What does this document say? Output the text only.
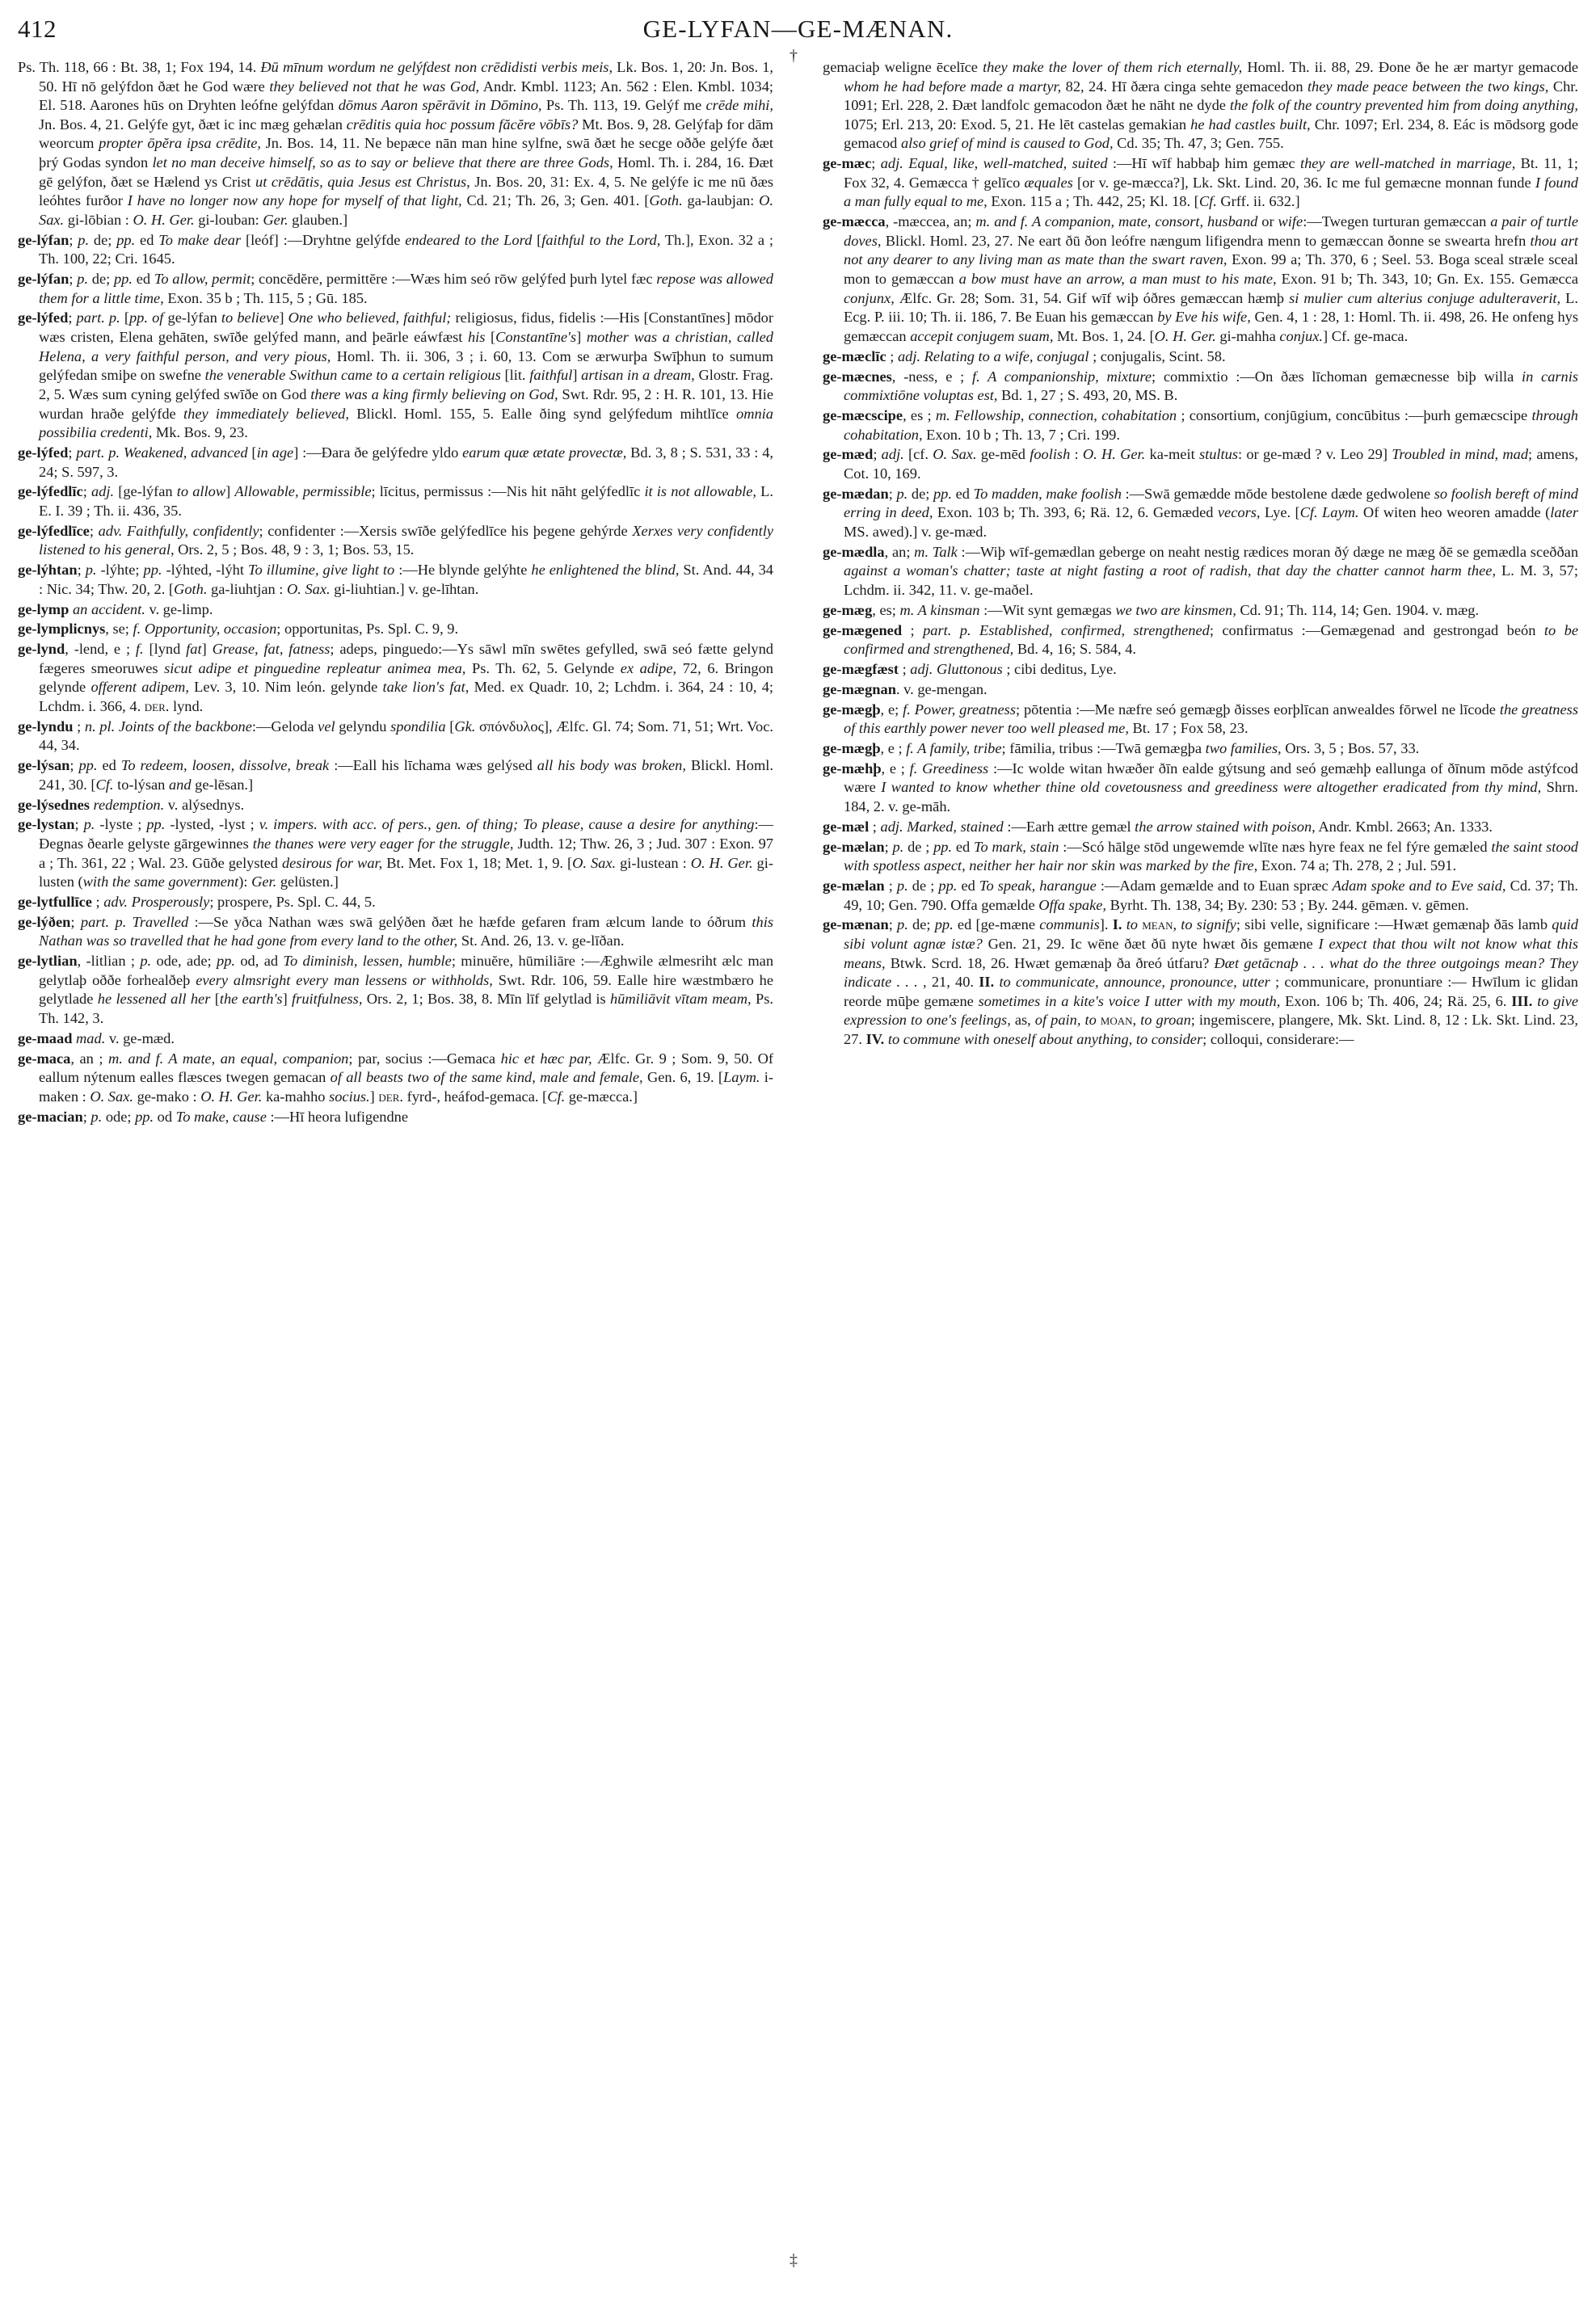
412	GE-LYFAN—GE-MÆNAN.
†
‡

Ps. Th. 118, 66 : Bt. 38, 1; Fox 194, 14. Ðū mīnum wordum ne gelýfdest non crēdidisti verbis meis, Lk. Bos. 1, 20: Jn. Bos. 1, 50. Hī nō gelýfdon ðæt he God wære they believed not that he was God, Andr. Kmbl. 1123; An. 562 : Elen. Kmbl. 1034; El. 518. Aarones hūs on Dryhten leófne gelýfdan dōmus Aaron spērāvit in Dōmino, Ps. Th. 113, 19. Gelýf me crēde mihi, Jn. Bos. 4, 21. Gelýfe gyt, ðæt ic inc mæg gehælan crēditis quia hoc possum făcĕre vōbīs? Mt. Bos. 9, 28. Gelýfaþ for dām weorcum propter ōpĕra ipsa crēdite, Jn. Bos. 14, 11. Ne bepæce nān man hine sylfne, swā ðæt he secge oððe gelýfe ðæt þrý Godas syndon let no man deceive himself, so as to say or believe that there are three Gods, Homl. Th. i. 284, 16. Ðæt gē gelýfon, ðæt se Hælend ys Crist ut crēdātis, quia Jesus est Christus, Jn. Bos. 20, 31: Ex. 4, 5. Ne gelýfe ic me nū ðæs leóhtes furðor I have no longer now any hope for myself of that light, Cd. 21; Th. 26, 3; Gen. 401. [Goth. ga-laubjan: O. Sax. gi-lōbian : O. H. Ger. gi-louban: Ger. glauben.]

ge-lýfan; p. de; pp. ed To make dear [leóf] :—Dryhtne gelýfde endeared to the Lord [faithful to the Lord, Th.], Exon. 32 a ; Th. 100, 22; Cri. 1645.

ge-lýfan; p. de; pp. ed To allow, permit; concēdĕre, permittĕre :—Wæs him seó rōw gelýfed þurh lytel fæc repose was allowed them for a little time, Exon. 35 b ; Th. 115, 5 ; Gū. 185.

ge-lýfed; part. p. [pp. of ge-lýfan to believe] One who believed, faithful; religiosus, fidus, fidelis :—His [Constantīnes] mōdor wæs cristen, Elena gehāten, swīðe gelýfed mann, and þeārle eáwfæst his [Constantīne's] mother was a christian, called Helena, a very faithful person, and very pious, Homl. Th. ii. 306, 3 ; i. 60, 13. Com se ærwurþa Swīþhun to sumum gelýfedan smiþe on swefne the venerable Swithun came to a certain religious [lit. faithful] artisan in a dream, Glostr. Frag. 2, 5. Wæs sum cyning gelýfed swīðe on God there was a king firmly believing on God, Swt. Rdr. 95, 2 : H. R. 101, 13. Hie wurdan hraðe gelýfde they immediately believed, Blickl. Homl. 155, 5. Ealle ðing synd gelýfedum mihtlīce omnia possibilia credenti, Mk. Bos. 9, 23.

ge-lýfed; part. p. Weakened, advanced [in age] :—Ðara ðe gelýfedre yldo earum quæ ætate provectæ, Bd. 3, 8 ; S. 531, 33 : 4, 24; S. 597, 3.

ge-lýfedlīc; adj. [ge-lýfan to allow] Allowable, permissible; līcitus, permissus :—Nis hit nāht gelýfedlīc it is not allowable, L. E. I. 39 ; Th. ii. 436, 35.

ge-lýfedlīce; adv. Faithfully, confidently; confidenter :—Xersis swīðe gelýfedlīce his þegene gehýrde Xerxes very confidently listened to his general, Ors. 2, 5 ; Bos. 48, 9 : 3, 1; Bos. 53, 15.

ge-lýhtan; p. -lýhte; pp. -lýhted, -lýht To illumine, give light to :—He blynde gelýhte he enlightened the blind, St. And. 44, 34 : Nic. 34; Thw. 20, 2. [Goth. ga-liuhtjan : O. Sax. gi-liuhtian.] v. ge-līhtan.

ge-lymp an accident. v. ge-limp.

ge-lymplicnys, se; f. Opportunity, occasion; opportunitas, Ps. Spl. C. 9, 9.

ge-lynd, -lend, e ; f. [lynd fat] Grease, fat, fatness; adeps, pinguedo:—Ys sāwl mīn swētes gefylled, swā seó fætte gelynd fægeres smeoruwes sicut adipe et pinguedine repleatur animea mea, Ps. Th. 62, 5. Gelynde ex adipe, 72, 6. Bringon gelynde offerent adipem, Lev. 3, 10. Nim león. gelynde take lion's fat, Med. ex Quadr. 10, 2; Lchdm. i. 364, 24 : 10, 4; Lchdm. i. 366, 4. der. lynd.

ge-lyndu ; n. pl. Joints of the backbone:—Geloda vel gelyndu spondilia [Gk. σπόνδυλος], Ælfc. Gl. 74; Som. 71, 51; Wrt. Voc. 44, 34.

ge-lýsan; pp. ed To redeem, loosen, dissolve, break :—Eall his līchama wæs gelýsed all his body was broken, Blickl. Homl. 241, 30. [Cf. to-lýsan and ge-lēsan.]

ge-lýsednes redemption. v. alýsednys.

ge-lystan; p. -lyste ; pp. -lysted, -lyst ; v. impers. with acc. of pers., gen. of thing; To please, cause a desire for anything:—Ðegnas ðearle gelyste gārgewinnes the thanes were very eager for the struggle, Judth. 12; Thw. 26, 3 ; Jud. 307 : Exon. 97 a ; Th. 361, 22 ; Wal. 23. Gūðe gelysted desirous for war, Bt. Met. Fox 1, 18; Met. 1, 9. [O. Sax. gi-lustean : O. H. Ger. gi-lusten (with the same government): Ger. gelüsten.]

ge-lytfullīce ; adv. Prosperously; prospere, Ps. Spl. C. 44, 5.

ge-lýðen; part. p. Travelled :—Se yðca Nathan wæs swā gelýðen ðæt he hæfde gefaren fram ælcum lande to óðrum this Nathan was so travelled that he had gone from every land to the other, St. And. 26, 13. v. ge-līðan.

ge-lytlian, -litlian ; p. ode, ade; pp. od, ad To diminish, lessen, humble; minuĕre, hūmiliāre :—Æghwile ælmesriht ælc man gelytlaþ oððe forhealðeþ every almsright every man lessens or withholds, Swt. Rdr. 106, 59. Ealle hire wæstmbæro he gelytlade he lessened all her [the earth's] fruitfulness, Ors. 2, 1; Bos. 38, 8. Mīn līf gelytlad is hūmiliāvit vītam meam, Ps. Th. 142, 3.

ge-maad mad. v. ge-mæd.

ge-maca, an ; m. and f. A mate, an equal, companion; par, socius :—Gemaca hic et hæc par, Ælfc. Gr. 9 ; Som. 9, 50. Of eallum nýtenum ealles flæsces twegen gemacan of all beasts two of the same kind, male and female, Gen. 6, 19. [Laym. i-maken : O. Sax. ge-mako : O. H. Ger. ka-mahho socius.] der. fyrd-, heáfod-gemaca. [Cf. ge-mæcca.]

ge-macian; p. ode; pp. od To make, cause :—Hī heora lufigendne

gemaciaþ weligne ēcelīce they make the lover of them rich eternally, Homl. Th. ii. 88, 29. Ðone ðe he ær martyr gemacode whom he had before made a martyr, 82, 24. Hī ðæra cinga sehte gemacedon they made peace between the two kings, Chr. 1091; Erl. 228, 2. Ðæt landfolc gemacodon ðæt he nāht ne dyde the folk of the country prevented him from doing anything, 1075; Erl. 213, 20: Exod. 5, 21. He lēt castelas gemakian he had castles built, Chr. 1097; Erl. 234, 8. Eác is mōdsorg gode gemacod also grief of mind is caused to God, Cd. 35; Th. 47, 3; Gen. 755.

ge-mæc; adj. Equal, like, well-matched, suited :—Hī wīf habbaþ him gemæc they are well-matched in marriage, Bt. 11, 1; Fox 32, 4. Gemæcca † gelīco æquales [or v. ge-mæcca?], Lk. Skt. Lind. 20, 36. Ic me ful gemæcne monnan funde I found a man fully equal to me, Exon. 115 a ; Th. 442, 25; Kl. 18. [Cf. Grff. ii. 632.]

ge-mæcca, -mæccea, an; m. and f. A companion, mate, consort, husband or wife:—Twegen turturan gemæccan a pair of turtle doves, Blickl. Homl. 23, 27. Ne eart ðū ðon leófre nængum lifigendra menn to gemæccan ðonne se swearta hrefn thou art not any dearer to any living man as mate than the swart raven, Exon. 99 a; Th. 370, 6 ; Seel. 53. Boga sceal stræle sceal mon to gemæccan a bow must have an arrow, a man must to his mate, Exon. 91 b; Th. 343, 10; Gn. Ex. 155. Gemæcca conjunx, Ælfc. Gr. 28; Som. 31, 54. Gif wīf wiþ óðres gemæccan hæmþ si mulier cum alterius conjuge adulteraverit, L. Ecg. P. iii. 10; Th. ii. 186, 7. Be Euan his gemæccan by Eve his wife, Gen. 4, 1 : 28, 1: Homl. Th. ii. 498, 26. He onfeng hys gemæccan accepit conjugem suam, Mt. Bos. 1, 24. [O. H. Ger. gi-mahha conjux.] Cf. ge-maca.

ge-mæclīc ; adj. Relating to a wife, conjugal ; conjugalis, Scint. 58.

ge-mæcnes, -ness, e ; f. A companionship, mixture; commixtio :—On ðæs līchoman gemæcnesse biþ willa in carnis commixtiōne voluptas est, Bd. 1, 27 ; S. 493, 20, MS. B.

ge-mæcscipe, es ; m. Fellowship, connection, cohabitation ; consortium, conjūgium, concūbitus :—þurh gemæcscipe through cohabitation, Exon. 10 b ; Th. 13, 7 ; Cri. 199.

ge-mæd; adj. [cf. O. Sax. ge-mēd foolish : O. H. Ger. ka-meit stultus: or ge-mæd ? v. Leo 29] Troubled in mind, mad; amens, Cot. 10, 169.

ge-mædan; p. de; pp. ed To madden, make foolish :—Swā gemædde mōde bestolene dæde gedwolene so foolish bereft of mind erring in deed, Exon. 103 b; Th. 393, 6; Rä. 12, 6. Gemæded vecors, Lye. [Cf. Laym. Of witen heo weoren amadde (later MS. awed).] v. ge-mæd.

ge-mædla, an; m. Talk :—Wiþ wīf-gemædlan geberge on neaht nestig rædices moran ðý dæge ne mæg ðē se gemædla sceððan against a woman's chatter; taste at night fasting a root of radish, that day the chatter cannot harm thee, L. M. 3, 57; Lchdm. ii. 342, 11. v. ge-maðel.

ge-mæg, es; m. A kinsman :—Wit synt gemægas we two are kinsmen, Cd. 91; Th. 114, 14; Gen. 1904. v. mæg.

ge-mægened ; part. p. Established, confirmed, strengthened; confirmatus :—Gemægenad and gestrongad beón to be confirmed and strengthened, Bd. 4, 16; S. 584, 4.

ge-mægfæst ; adj. Gluttonous ; cibi deditus, Lye.

ge-mægnan. v. ge-mengan.

ge-mægþ, e; f. Power, greatness; pōtentia :—Me næfre seó gemægþ ðisses eorþlīcan anwealdes fōrwel ne līcode the greatness of this earthly power never too well pleased me, Bt. 17 ; Fox 58, 23.

ge-mægþ, e ; f. A family, tribe; fāmilia, tribus :—Twā gemægþa two families, Ors. 3, 5 ; Bos. 57, 33.

ge-mæhþ, e ; f. Greediness :—Ic wolde witan hwæðer ðīn ealde gýtsung and seó gemæhþ eallunga of ðīnum mōde astýfcod wære I wanted to know whether thine old covetousness and greediness were altogether eradicated from thy mind, Shrn. 184, 2. v. ge-māh.

ge-mæl ; adj. Marked, stained :—Earh ættre gemæl the arrow stained with poison, Andr. Kmbl. 2663; An. 1333.

ge-mælan; p. de ; pp. ed To mark, stain :—Scó hālge stōd ungewemde wlīte næs hyre feax ne fel fýre gemæled the saint stood with spotless aspect, neither her hair nor skin was marked by the fire, Exon. 74 a; Th. 278, 2 ; Jul. 591.

ge-mælan ; p. de ; pp. ed To speak, harangue :—Adam gemælde and to Euan spræc Adam spoke and to Eve said, Cd. 37; Th. 49, 10; Gen. 790. Offa gemælde Offa spake, Byrht. Th. 138, 34; By. 230: 53 ; By. 244. gēmæn. v. gēmen.

ge-mænan; p. de; pp. ed [ge-mæne communis]. I. to mean, to signify; sibi velle, significare :—Hwæt gemænaþ ðās lamb quid sibi volunt agnæ istæ? Gen. 21, 29. Ic wēne ðæt ðū nyte hwæt ðis gemæne I expect that thou wilt not know what this means, Btwk. Scrd. 18, 26. Hwæt gemænaþ ða ðreó útfaru? Ðæt getācnaþ . . . what do the three outgoings mean? They indicate . . . , 21, 40. II. to communicate, announce, pronounce, utter ; communicare, pronuntiare :— Hwīlum ic glidan reorde mūþe gemæne sometimes in a kite's voice I utter with my mouth, Exon. 106 b; Th. 406, 24; Rä. 25, 6. III. to give expression to one's feelings, as, of pain, to moan, to groan; ingemiscere, plangere, Mk. Skt. Lind. 8, 12 : Lk. Skt. Lind. 23, 27. IV. to commune with oneself about anything, to consider; colloqui, considerare:—
